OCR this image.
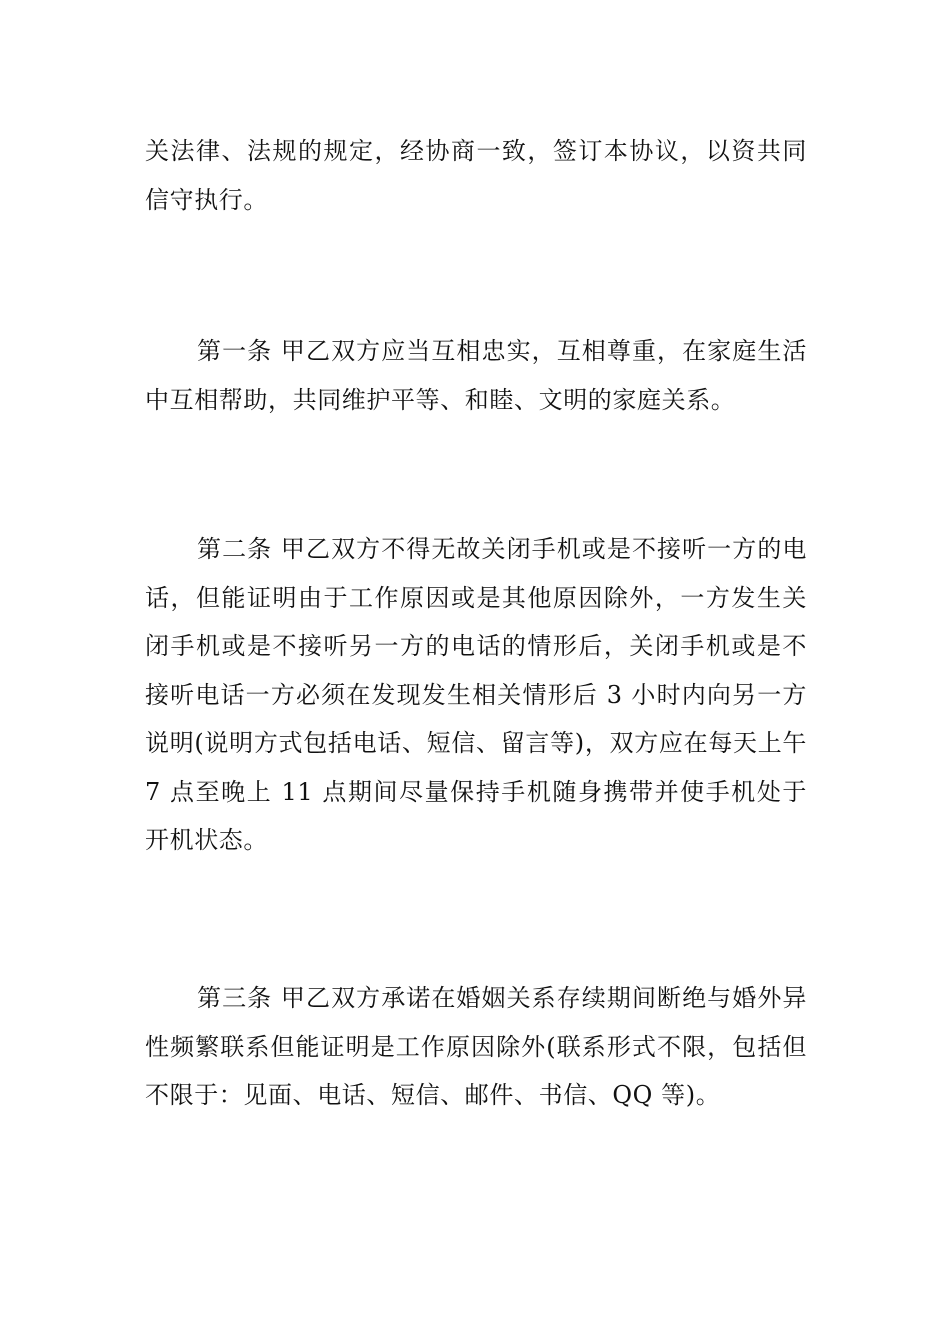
关法律、法规的规定，经协商一致，签订本协议，以资共同信守执行。

第一条 甲乙双方应当互相忠实，互相尊重，在家庭生活中互相帮助，共同维护平等、和睦、文明的家庭关系。

第二条 甲乙双方不得无故关闭手机或是不接听一方的电话，但能证明由于工作原因或是其他原因除外，一方发生关闭手机或是不接听另一方的电话的情形后，关闭手机或是不接听电话一方必须在发现发生相关情形后 3 小时内向另一方说明(说明方式包括电话、短信、留言等)，双方应在每天上午 7 点至晚上 11 点期间尽量保持手机随身携带并使手机处于开机状态。

第三条 甲乙双方承诺在婚姻关系存续期间断绝与婚外异性频繁联系但能证明是工作原因除外(联系形式不限，包括但不限于：见面、电话、短信、邮件、书信、QQ 等)。
